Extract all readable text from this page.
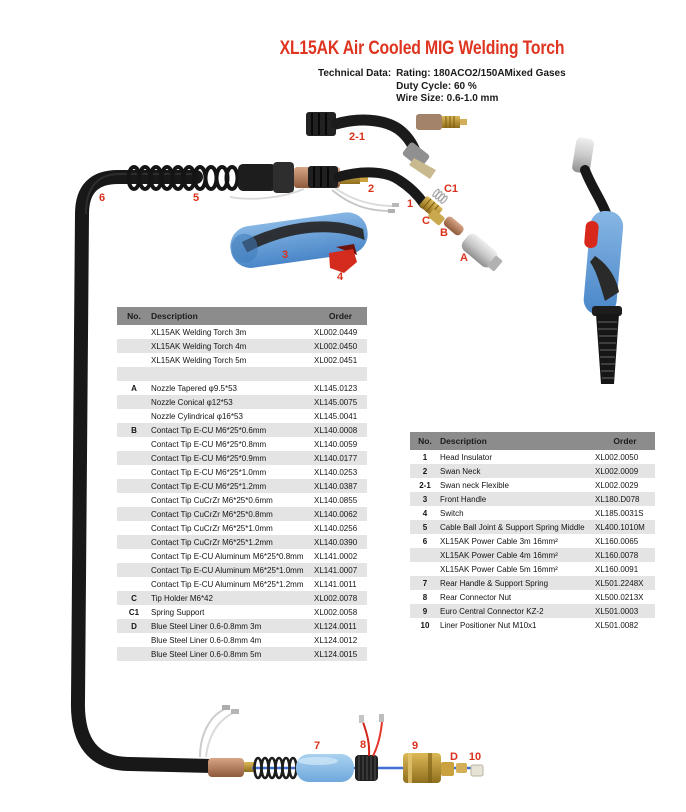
XL15AK Air Cooled MIG Welding Torch
Technical Data: Rating: 180ACO2/150AMixed Gases
Duty Cycle: 60 %
Wire Size: 0.6-1.0 mm
2-1
2
1
C1
C
B
A
3
4
5
6
7	8	9
D 10
No.	Description	Order
	XL15AK Welding Torch 3m	XL002.0449
	XL15AK Welding Torch 4m	XL002.0450
	XL15AK Welding Torch 5m	XL002.0451

A	Nozzle Tapered φ9.5*53	XL145.0123
	Nozzle Conical φ12*53	XL145.0075
	Nozzle Cylindrical φ16*53	XL145.0041
B	Contact Tip E-CU M6*25*0.6mm	XL140.0008
	Contact Tip E-CU M6*25*0.8mm	XL140.0059
	Contact Tip E-CU M6*25*0.9mm	XL140.0177
	Contact Tip E-CU M6*25*1.0mm	XL140.0253
	Contact Tip E-CU M6*25*1.2mm	XL140.0387
	Contact Tip CuCrZr M6*25*0.6mm	XL140.0855
	Contact Tip CuCrZr M6*25*0.8mm	XL140.0062
	Contact Tip CuCrZr M6*25*1.0mm	XL140.0256
	Contact Tip CuCrZr M6*25*1.2mm	XL140.0390
	Contact Tip E-CU Aluminum M6*25*0.8mm	XL141.0002
	Contact Tip E-CU Aluminum M6*25*1.0mm	XL141.0007
	Contact Tip E-CU Aluminum M6*25*1.2mm	XL141.0011
C	Tip Holder M6*42	XL002.0078
C1	Spring Support	XL002.0058
D	Blue Steel Liner 0.6-0.8mm 3m	XL124.0011
	Blue Steel Liner 0.6-0.8mm 4m	XL124.0012
	Blue Steel Liner 0.6-0.8mm 5m	XL124.0015
No.	Description	Order
1	Head Insulator	XL002.0050
2	Swan Neck	XL002.0009
2-1	Swan neck Flexible	XL002.0029
3	Front Handle	XL180.D078
4	Switch	XL185.0031S
5	Cable Ball Joint & Support Spring Middle	XL400.1010M
6	XL15AK Power Cable 3m 16mm²	XL160.0065
	XL15AK Power Cable 4m 16mm²	XL160.0078
	XL15AK Power Cable 5m 16mm²	XL160.0091
7	Rear Handle & Support Spring	XL501.2248X
8	Rear Connector Nut	XL500.0213X
9	Euro Central Connector KZ-2	XL501.0003
10	Liner Positioner Nut M10x1	XL501.0082
